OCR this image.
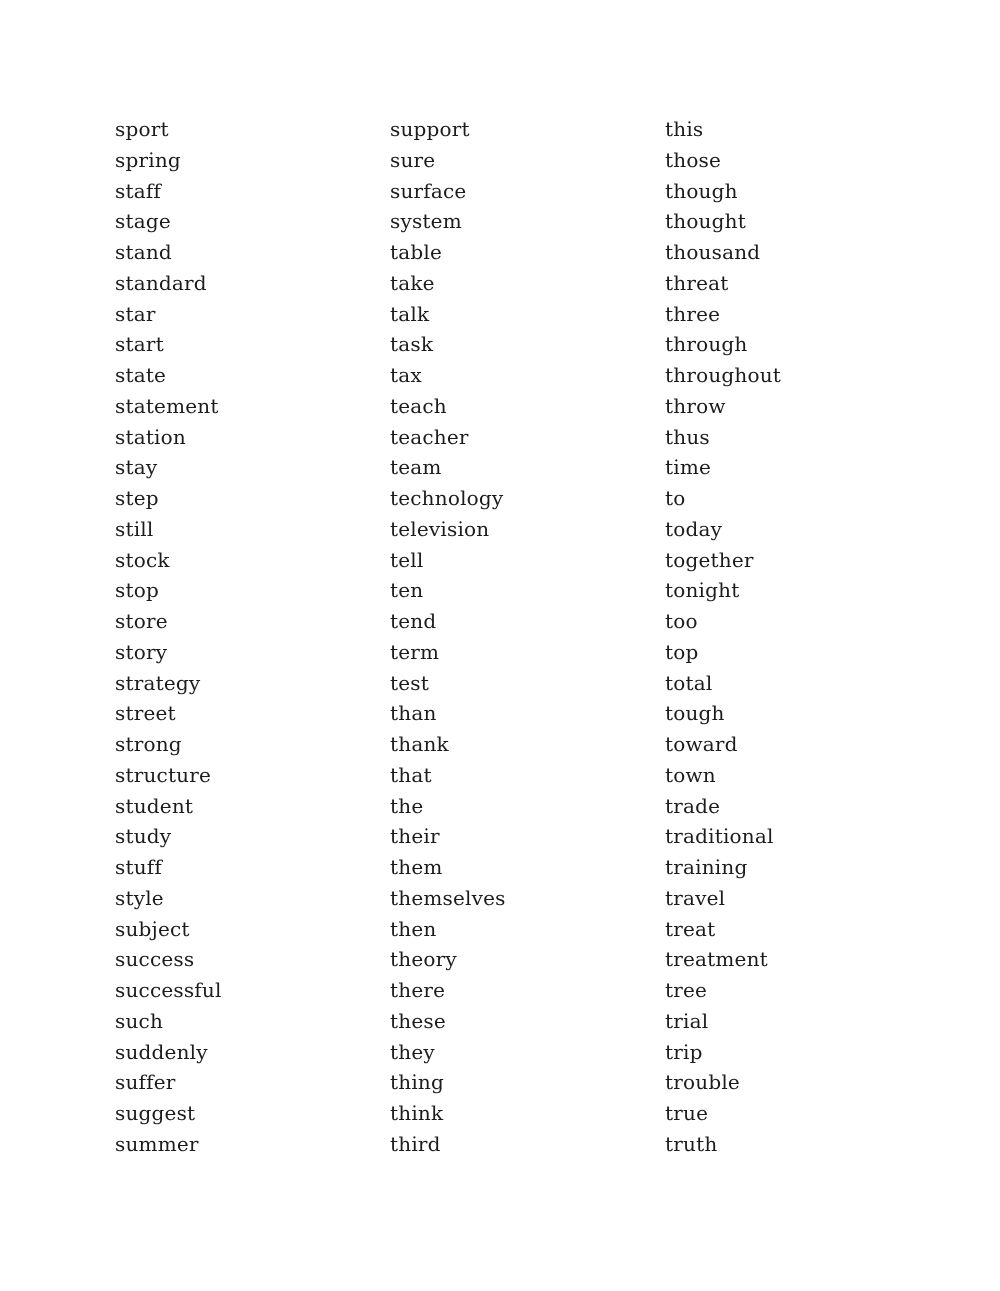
sport
spring
staff
stage
stand
standard
star
start
state
statement
station
stay
step
still
stock
stop
store
story
strategy
street
strong
structure
student
study
stuff
style
subject
success
successful
such
suddenly
suffer
suggest
summer
support
sure
surface
system
table
take
talk
task
tax
teach
teacher
team
technology
television
tell
ten
tend
term
test
than
thank
that
the
their
them
themselves
then
theory
there
these
they
thing
think
third
this
those
though
thought
thousand
threat
three
through
throughout
throw
thus
time
to
today
together
tonight
too
top
total
tough
toward
town
trade
traditional
training
travel
treat
treatment
tree
trial
trip
trouble
true
truth
